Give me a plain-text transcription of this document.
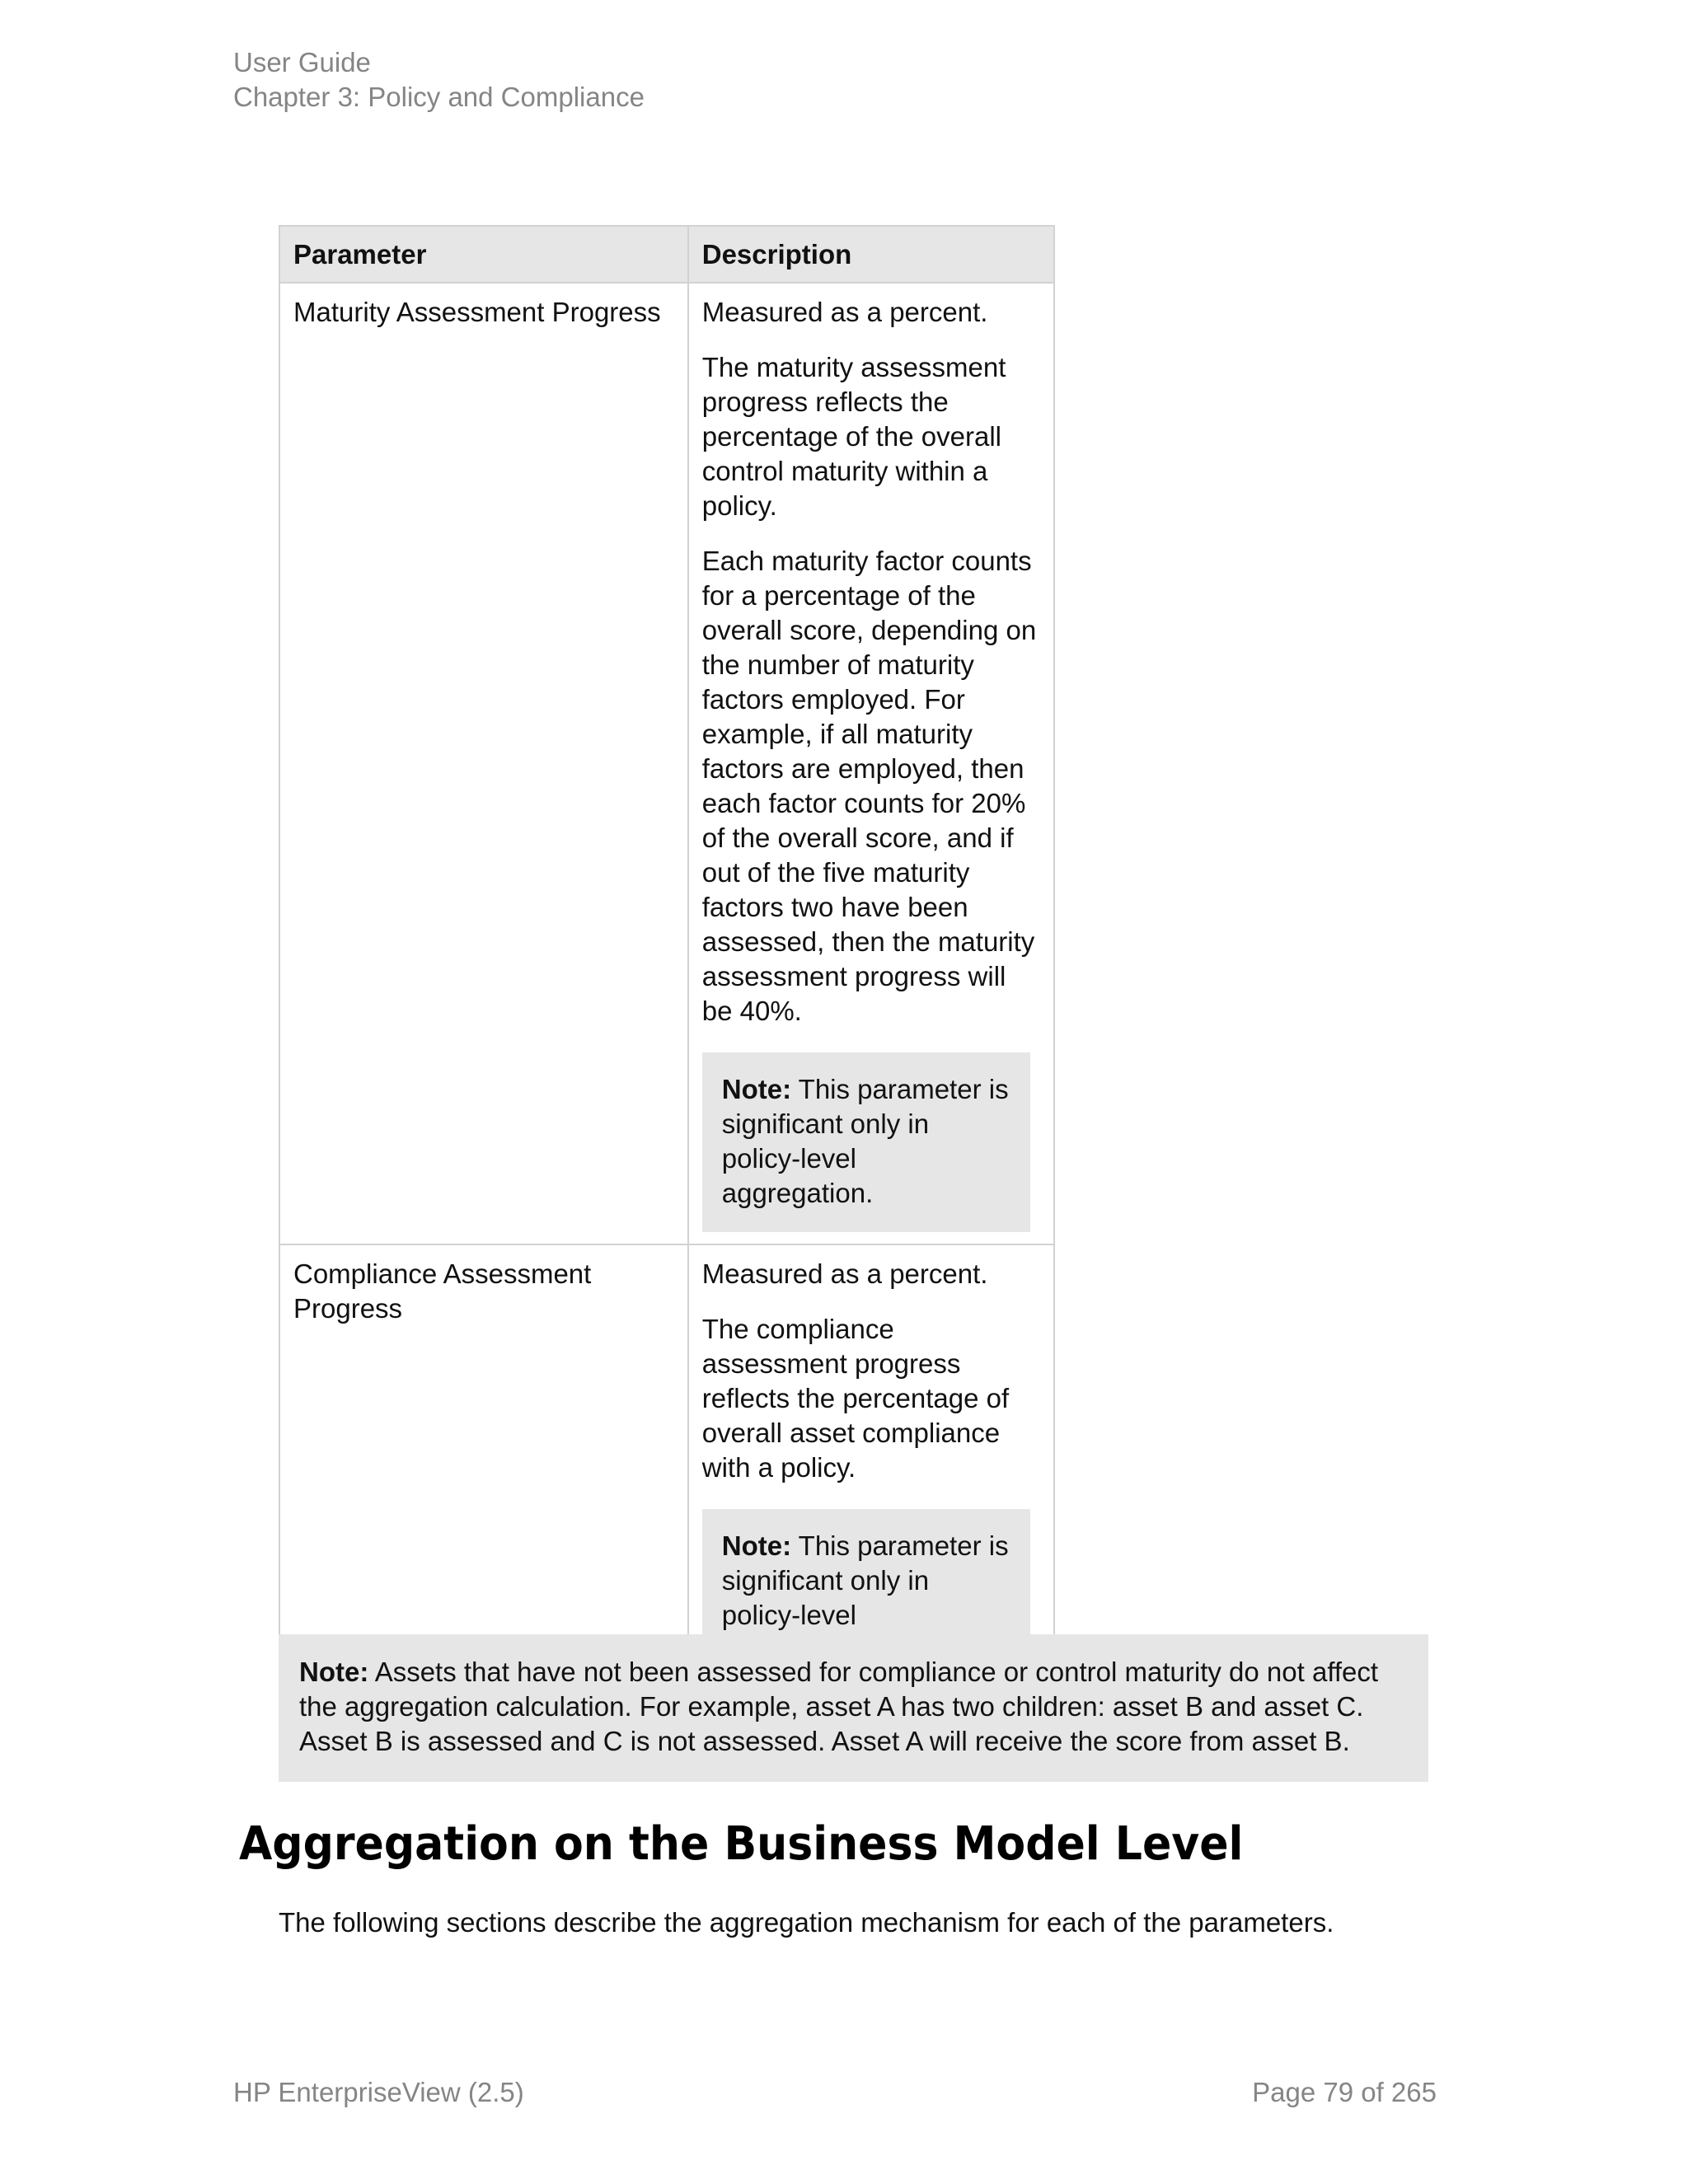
User Guide
Chapter 3: Policy and Compliance
Parameter	Description
Maturity Assessment Progress	Measured as a percent.

The maturity assessment progress reflects the percentage of the overall control maturity within a policy.

Each maturity factor counts for a percentage of the overall score, depending on the number of maturity factors employed. For example, if all maturity factors are employed, then each factor counts for 20% of the overall score, and if out of the five maturity factors two have been assessed, then the maturity assessment progress will be 40%.

Note: This parameter is significant only in policy-level aggregation.

Compliance Assessment Progress	Measured as a percent.

The compliance assessment progress reflects the percentage of overall asset compliance with a policy.

Note: This parameter is significant only in policy-level
Note: Assets that have not been assessed for compliance or control maturity do not affect the aggregation calculation. For example, asset A has two children: asset B and asset C. Asset B is assessed and C is not assessed. Asset A will receive the score from asset B.
Aggregation on the Business Model Level

The following sections describe the aggregation mechanism for each of the parameters.

HP EnterpriseView (2.5)	Page 79 of 265
